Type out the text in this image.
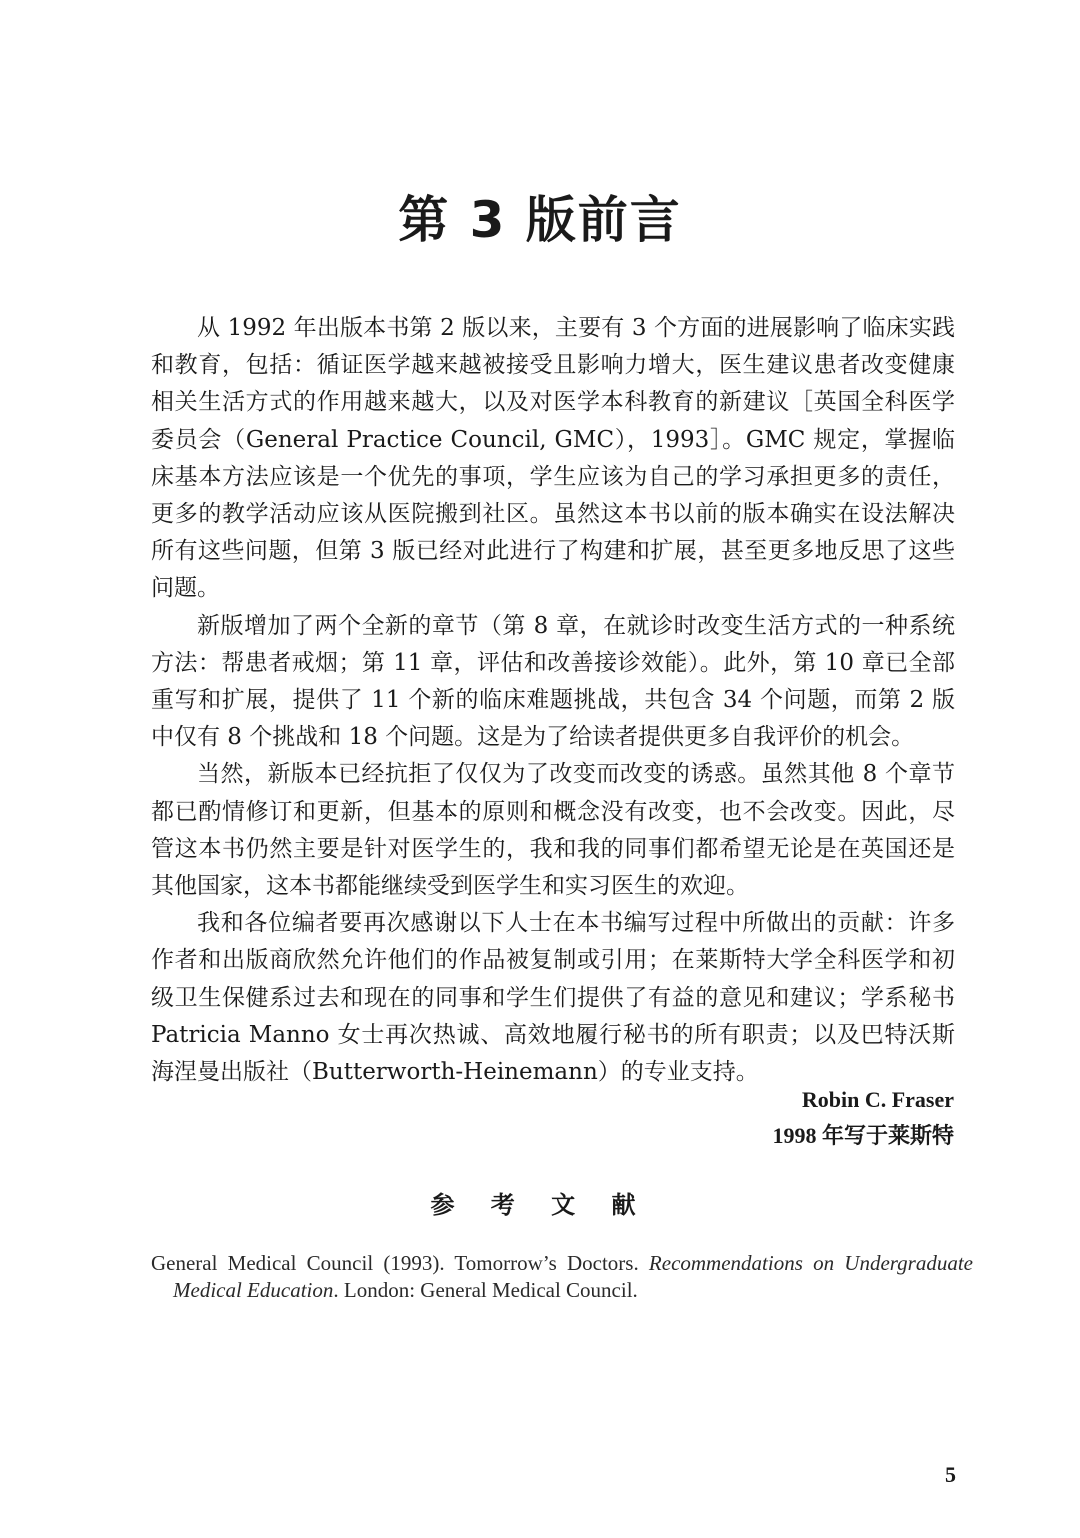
第 3 版前言

从 1992 年出版本书第 2 版以来，主要有 3 个方面的进展影响了临床实践和教育，包括：循证医学越来越被接受且影响力增大，医生建议患者改变健康相关生活方式的作用越来越大，以及对医学本科教育的新建议［英国全科医学委员会（General Practice Council, GMC），1993］。GMC 规定，掌握临床基本方法应该是一个优先的事项，学生应该为自己的学习承担更多的责任，更多的教学活动应该从医院搬到社区。虽然这本书以前的版本确实在设法解决所有这些问题，但第 3 版已经对此进行了构建和扩展，甚至更多地反思了这些问题。

新版增加了两个全新的章节（第 8 章，在就诊时改变生活方式的一种系统方法：帮患者戒烟；第 11 章，评估和改善接诊效能）。此外，第 10 章已全部重写和扩展，提供了 11 个新的临床难题挑战，共包含 34 个问题，而第 2 版中仅有 8 个挑战和 18 个问题。这是为了给读者提供更多自我评价的机会。

当然，新版本已经抗拒了仅仅为了改变而改变的诱惑。虽然其他 8 个章节都已酌情修订和更新，但基本的原则和概念没有改变，也不会改变。因此，尽管这本书仍然主要是针对医学生的，我和我的同事们都希望无论是在英国还是其他国家，这本书都能继续受到医学生和实习医生的欢迎。

我和各位编者要再次感谢以下人士在本书编写过程中所做出的贡献：许多作者和出版商欣然允许他们的作品被复制或引用；在莱斯特大学全科医学和初级卫生保健系过去和现在的同事和学生们提供了有益的意见和建议；学系秘书 Patricia Manno 女士再次热诚、高效地履行秘书的所有职责；以及巴特沃斯海涅曼出版社（Butterworth-Heinemann）的专业支持。

Robin C. Fraser
1998 年写于莱斯特
参 考 文 献
General Medical Council (1993). Tomorrow’s Doctors. Recommendations on Undergraduate Medical Education. London: General Medical Council.
5
